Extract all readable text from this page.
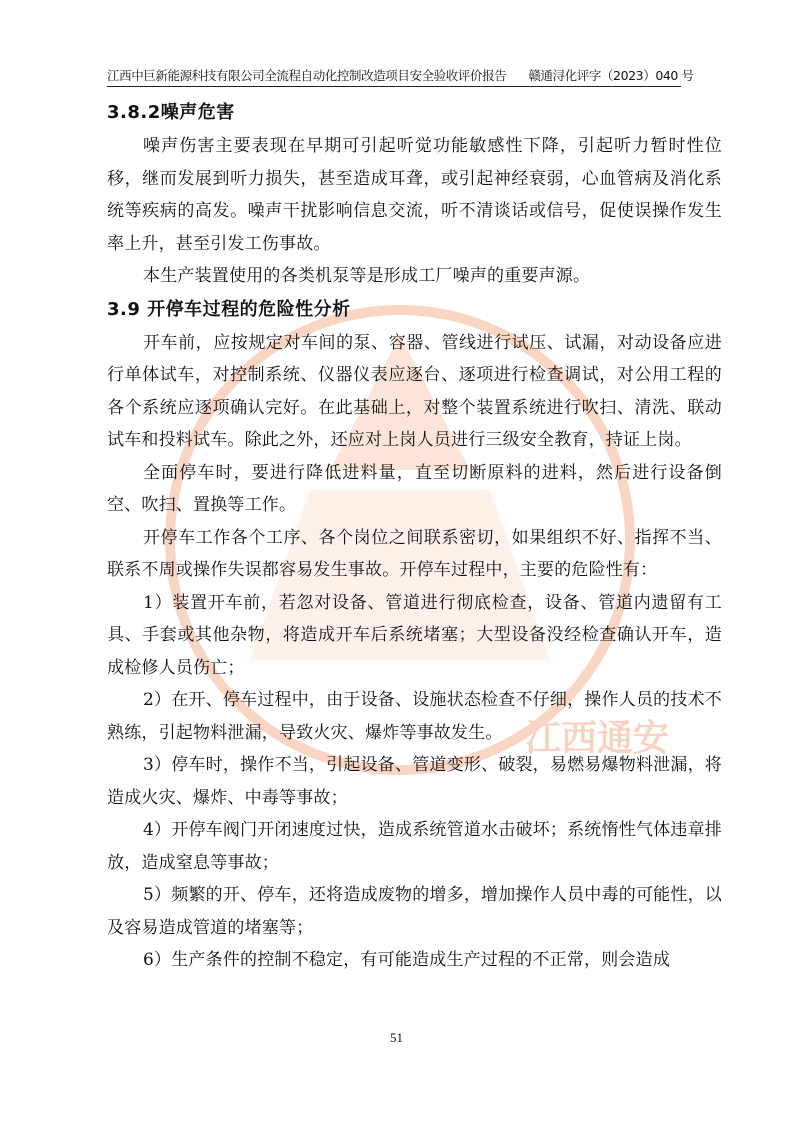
江西中巨新能源科技有限公司全流程自动化控制改造项目安全验收评价报告 赣通浔化评字（2023）040 号
江西通安
3.8.2噪声危害

噪声伤害主要表现在早期可引起听觉功能敏感性下降，引起听力暂时性位移，继而发展到听力损失，甚至造成耳聋，或引起神经衰弱，心血管病及消化系统等疾病的高发。噪声干扰影响信息交流，听不清谈话或信号，促使误操作发生率上升，甚至引发工伤事故。

本生产装置使用的各类机泵等是形成工厂噪声的重要声源。

3.9 开停车过程的危险性分析

开车前，应按规定对车间的泵、容器、管线进行试压、试漏，对动设备应进行单体试车，对控制系统、仪器仪表应逐台、逐项进行检查调试，对公用工程的各个系统应逐项确认完好。在此基础上，对整个装置系统进行吹扫、清洗、联动试车和投料试车。除此之外，还应对上岗人员进行三级安全教育，持证上岗。

全面停车时，要进行降低进料量，直至切断原料的进料，然后进行设备倒空、吹扫、置换等工作。

开停车工作各个工序、各个岗位之间联系密切，如果组织不好、指挥不当、联系不周或操作失误都容易发生事故。开停车过程中，主要的危险性有：

1）装置开车前，若忽对设备、管道进行彻底检查，设备、管道内遗留有工具、手套或其他杂物，将造成开车后系统堵塞；大型设备没经检查确认开车，造成检修人员伤亡；

2）在开、停车过程中，由于设备、设施状态检查不仔细，操作人员的技术不熟练，引起物料泄漏，导致火灾、爆炸等事故发生。

3）停车时，操作不当，引起设备、管道变形、破裂，易燃易爆物料泄漏，将造成火灾、爆炸、中毒等事故；

4）开停车阀门开闭速度过快，造成系统管道水击破坏；系统惰性气体违章排放，造成窒息等事故；

5）频繁的开、停车，还将造成废物的增多，增加操作人员中毒的可能性，以及容易造成管道的堵塞等；

6）生产条件的控制不稳定，有可能造成生产过程的不正常，则会造成

51
